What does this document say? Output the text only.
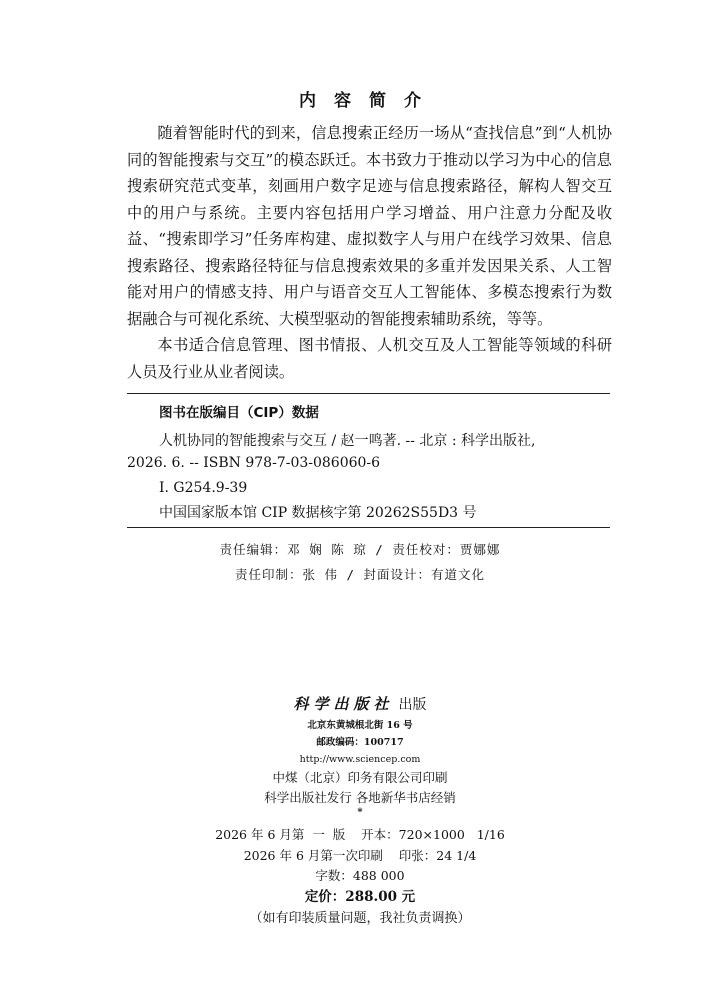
内容简介

随着智能时代的到来，信息搜索正经历一场从“查找信息”到“人机协同的智能搜索与交互”的模态跃迁。本书致力于推动以学习为中心的信息搜索研究范式变革，刻画用户数字足迹与信息搜索路径，解构人智交互中的用户与系统。主要内容包括用户学习增益、用户注意力分配及收益、“搜索即学习”任务库构建、虚拟数字人与用户在线学习效果、信息搜索路径、搜索路径特征与信息搜索效果的多重并发因果关系、人工智能对用户的情感支持、用户与语音交互人工智能体、多模态搜索行为数据融合与可视化系统、大模型驱动的智能搜索辅助系统，等等。

本书适合信息管理、图书情报、人机交互及人工智能等领域的科研人员及行业从业者阅读。

图书在版编目（CIP）数据
人机协同的智能搜索与交互 / 赵一鸣著. -- 北京 : 科学出版社,
2026. 6. -- ISBN 978-7-03-086060-6
Ⅰ. G254.9-39
中国国家版本馆 CIP 数据核字第 20262S55D3 号
责任编辑：邓 娴 陈 琼 / 责任校对：贾娜娜
责任印制：张 伟 / 封面设计：有道文化
科学出版社 出版
北京东黄城根北街 16 号
邮政编码：100717
http://www.sciencep.com
中煤（北京）印务有限公司印刷
科学出版社发行 各地新华书店经销
*
2026 年 6 月第  一  版    开本：720×1000   1/16
2026 年 6 月第一次印刷    印张：24 1/4
字数：488 000
定价：288.00 元
（如有印装质量问题，我社负责调换）
